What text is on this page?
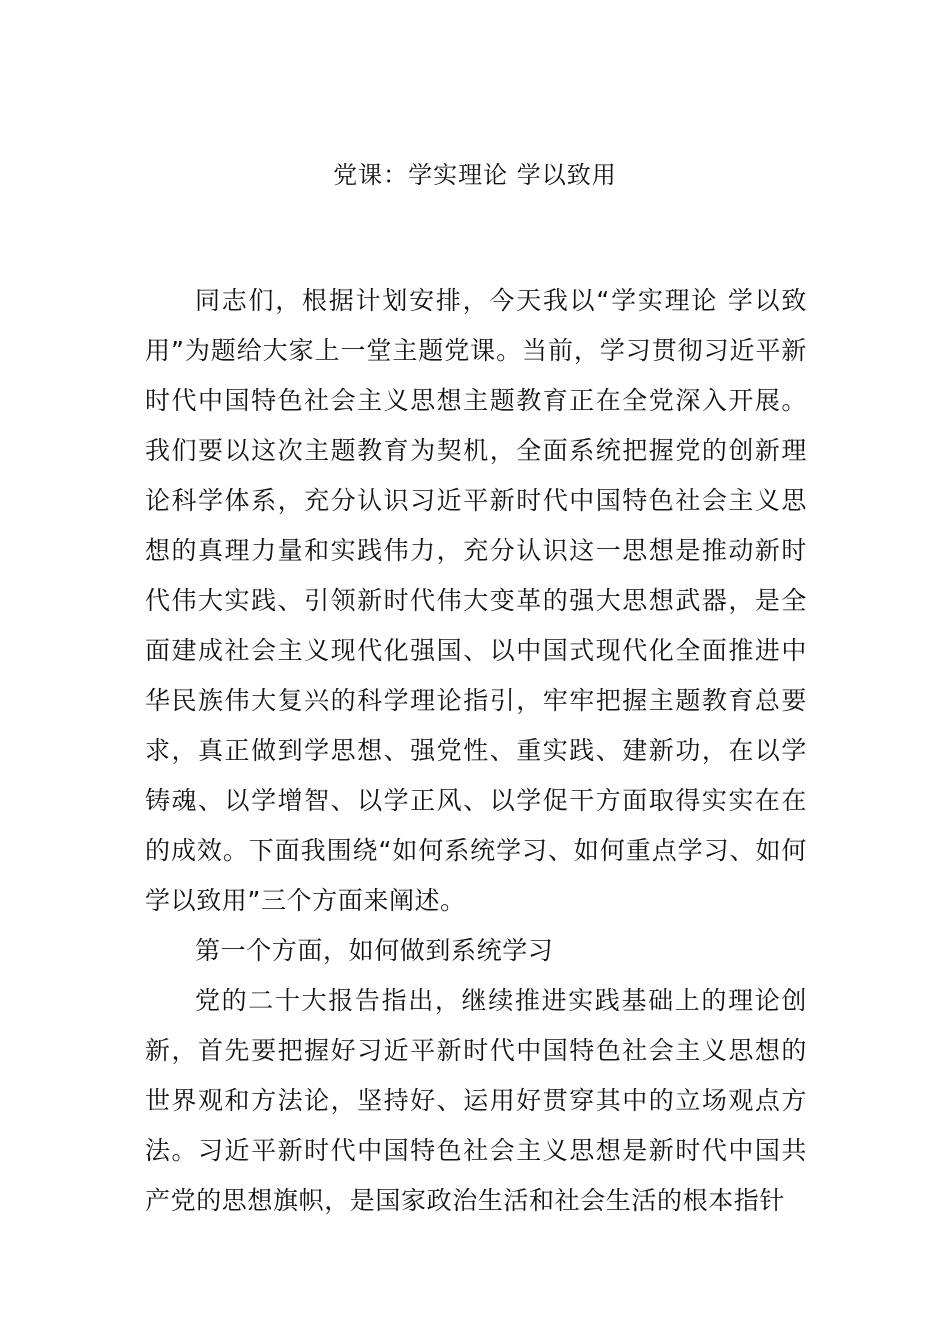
党课：学实理论 学以致用

同志们，根据计划安排，今天我以“学实理论 学以致用”为题给大家上一堂主题党课。当前，学习贯彻习近平新时代中国特色社会主义思想主题教育正在全党深入开展。我们要以这次主题教育为契机，全面系统把握党的创新理论科学体系，充分认识习近平新时代中国特色社会主义思想的真理力量和实践伟力，充分认识这一思想是推动新时代伟大实践、引领新时代伟大变革的强大思想武器，是全面建成社会主义现代化强国、以中国式现代化全面推进中华民族伟大复兴的科学理论指引，牢牢把握主题教育总要求，真正做到学思想、强党性、重实践、建新功，在以学铸魂、以学增智、以学正风、以学促干方面取得实实在在的成效。下面我围绕“如何系统学习、如何重点学习、如何学以致用”三个方面来阐述。

第一个方面，如何做到系统学习

党的二十大报告指出，继续推进实践基础上的理论创新，首先要把握好习近平新时代中国特色社会主义思想的世界观和方法论，坚持好、运用好贯穿其中的立场观点方法。习近平新时代中国特色社会主义思想是新时代中国共产党的思想旗帜，是国家政治生活和社会生活的根本指针
